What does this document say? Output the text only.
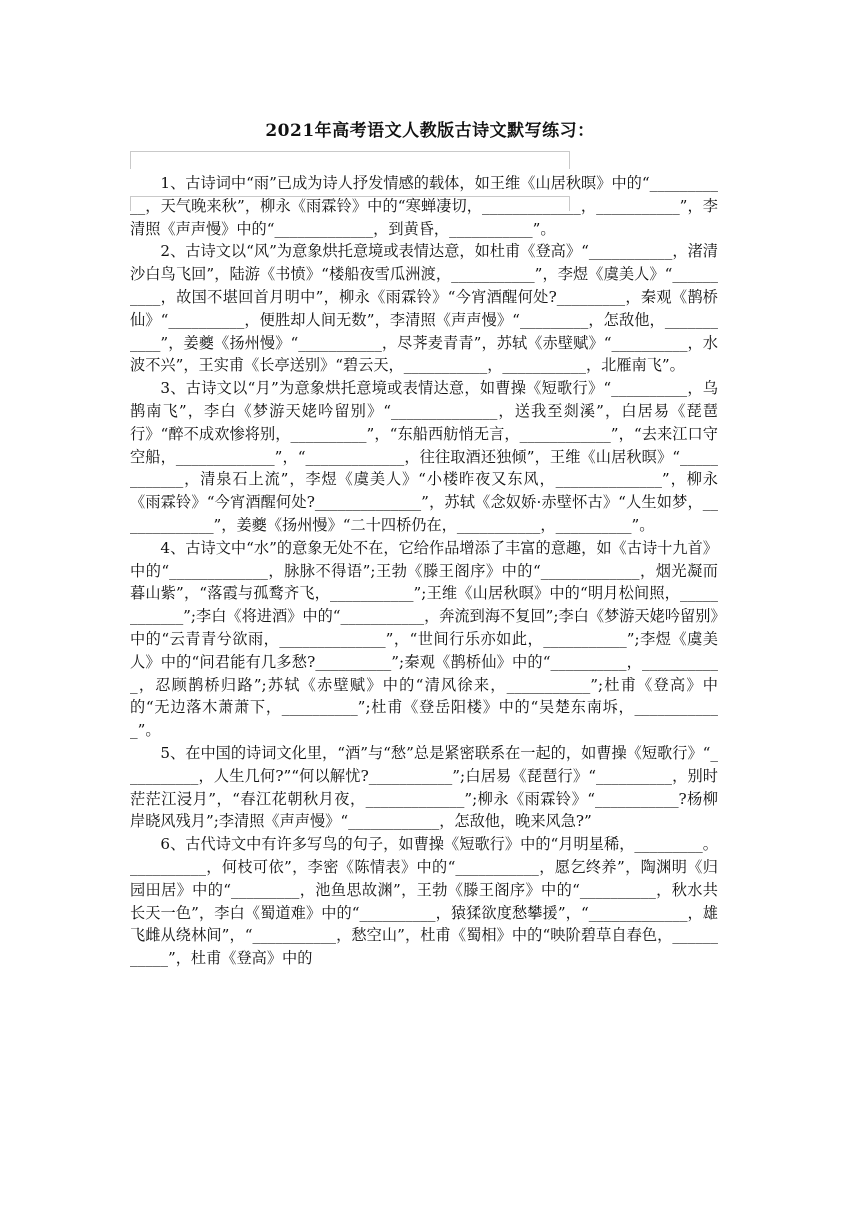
2021年高考语文人教版古诗文默写练习：

1、古诗词中“雨”已成为诗人抒发情感的载体，如王维《山居秋暝》中的“___________，天气晚来秋”，柳永《雨霖铃》中的“寒蝉凄切，_____________，___________”，李清照《声声慢》中的“_____________，到黄昏，___________”。

2、古诗文以“风”为意象烘托意境或表情达意，如杜甫《登高》“___________，渚清沙白鸟飞回”，陆游《书愤》“楼船夜雪瓜洲渡，___________”，李煜《虞美人》“__________，故国不堪回首月明中”，柳永《雨霖铃》“今宵酒醒何处?_________，秦观《鹊桥仙》“__________，便胜却人间无数”，李清照《声声慢》“_________，怎敌他，___________”，姜夔《扬州慢》“___________，尽荠麦青青”，苏轼《赤壁赋》“__________，水波不兴”，王实甫《长亭送别》“碧云天，___________，___________，北雁南飞”。

3、古诗文以“月”为意象烘托意境或表情达意，如曹操《短歌行》“__________，乌鹊南飞”，李白《梦游天姥吟留别》“______________，送我至剡溪”，白居易《琵琶行》“醉不成欢惨将别，__________”，“东船西舫悄无言，____________”，“去来江口守空船，_____________”，“_____________，往往取酒还独倾”，王维《山居秋暝》“____________，清泉石上流”，李煜《虞美人》“小楼昨夜又东风，______________”，柳永《雨霖铃》“今宵酒醒何处?______________”，苏轼《念奴娇·赤壁怀古》“人生如梦，_____________”，姜夔《扬州慢》“二十四桥仍在，___________，__________”。

4、古诗文中“水”的意象无处不在，它给作品增添了丰富的意趣，如《古诗十九首》中的“_____________，脉脉不得语”;王勃《滕王阁序》中的“_____________，烟光凝而暮山紫”，“落霞与孤鹜齐飞，___________”;王维《山居秋暝》中的“明月松间照，____________”;李白《将进酒》中的“___________，奔流到海不复回”;李白《梦游天姥吟留别》中的“云青青兮欲雨，______________”，“世间行乐亦如此，___________”;李煜《虞美人》中的“问君能有几多愁?__________”;秦观《鹊桥仙》中的“__________，___________，忍顾鹊桥归路”;苏轼《赤壁赋》中的“清风徐来，___________”;杜甫《登高》中的“无边落木萧萧下，__________”;杜甫《登岳阳楼》中的“吴楚东南坼，____________”。

5、在中国的诗词文化里，“酒”与“愁”总是紧密联系在一起的，如曹操《短歌行》“__________，人生几何?”“何以解忧?___________”;白居易《琵琶行》“__________，别时茫茫江浸月”，“春江花朝秋月夜，_____________”;柳永《雨霖铃》“___________?杨柳岸晓风残月”;李清照《声声慢》“____________，怎敌他，晚来风急?”

6、古代诗文中有许多写鸟的句子，如曹操《短歌行》中的“月明星稀，_________。__________，何枝可依”，李密《陈情表》中的“___________，愿乞终养”，陶渊明《归园田居》中的“_________，池鱼思故渊”，王勃《滕王阁序》中的“__________，秋水共长天一色”，李白《蜀道难》中的“__________，猿猱欲度愁攀援”，“_____________，雄飞雌从绕林间”，“___________，愁空山”，杜甫《蜀相》中的“映阶碧草自春色，___________”，杜甫《登高》中的
